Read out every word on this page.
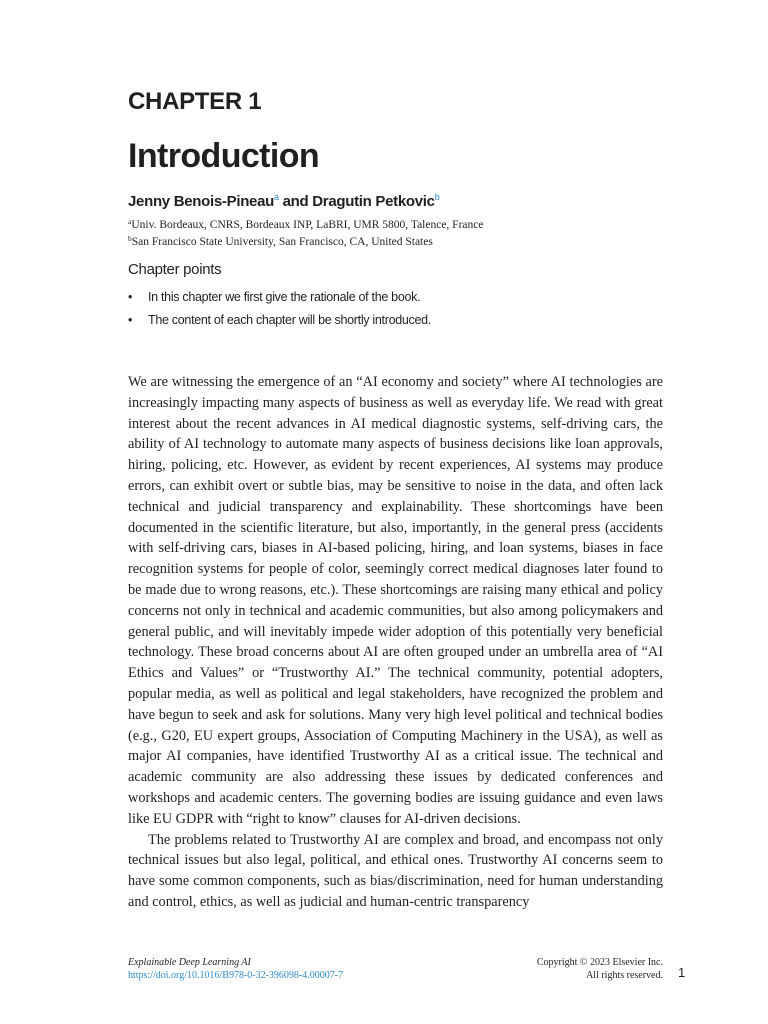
CHAPTER 1
Introduction
Jenny Benois-Pineau$^a$ and Dragutin Petkovic$^b$
$^a$Univ. Bordeaux, CNRS, Bordeaux INP, LaBRI, UMR 5800, Talence, France
$^b$San Francisco State University, San Francisco, CA, United States
Chapter points
• In this chapter we first give the rationale of the book.
• The content of each chapter will be shortly introduced.

We are witnessing the emergence of an “AI economy and society” where AI technologies are increasingly impacting many aspects of business as well as everyday life. We read with great interest about the recent advances in AI medical diagnostic systems, self-driving cars, the ability of AI technology to automate many aspects of business decisions like loan approvals, hiring, policing, etc. However, as evident by recent experiences, AI systems may produce errors, can exhibit overt or subtle bias, may be sensitive to noise in the data, and often lack technical and judicial transparency and explainability. These shortcomings have been documented in the scientific literature, but also, importantly, in the general press (accidents with self-driving cars, biases in AI-based policing, hiring, and loan systems, biases in face recognition systems for people of color, seemingly correct medical diagnoses later found to be made due to wrong reasons, etc.). These shortcomings are raising many ethical and policy concerns not only in technical and academic communities, but also among policymakers and general public, and will inevitably impede wider adoption of this potentially very beneficial technology. These broad concerns about AI are often grouped under an umbrella area of “AI Ethics and Values” or “Trustworthy AI.” The technical community, potential adopters, popular media, as well as political and legal stakeholders, have recognized the problem and have begun to seek and ask for solutions. Many very high level political and technical bodies (e.g., G20, EU expert groups, Association of Computing Machinery in the USA), as well as major AI companies, have identified Trustworthy AI as a critical issue. The technical and academic community are also addressing these issues by dedicated conferences and workshops and academic centers. The governing bodies are issuing guidance and even laws like EU GDPR with “right to know” clauses for AI-driven decisions.

The problems related to Trustworthy AI are complex and broad, and encompass not only technical issues but also legal, political, and ethical ones. Trustworthy AI concerns seem to have some common components, such as bias/discrimination, need for human understanding and control, ethics, as well as judicial and human-centric transparency

Explainable Deep Learning AI
https://doi.org/10.1016/B978-0-32-396098-4.00007-7
Copyright © 2023 Elsevier Inc.
All rights reserved. 1
